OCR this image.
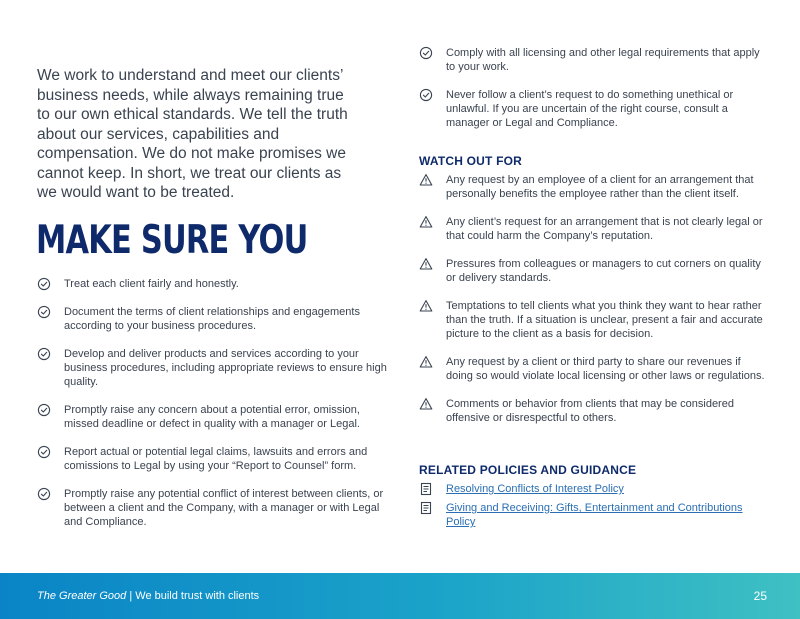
We work to understand and meet our clients’ business needs, while always remaining true to our own ethical standards. We tell the truth about our services, capabilities and compensation. We do not make promises we cannot keep. In short, we treat our clients as we would want to be treated.

MAKE SURE YOU
Treat each client fairly and honestly.
Document the terms of client relationships and engagements according to your business procedures.
Develop and deliver products and services according to your business procedures, including appropriate reviews to ensure high quality.
Promptly raise any concern about a potential error, omission, missed deadline or defect in quality with a manager or Legal.
Report actual or potential legal claims, lawsuits and errors and comissions to Legal by using your “Report to Counsel” form.
Promptly raise any potential conflict of interest between clients, or between a client and the Company, with a manager or with Legal and Compliance.
Comply with all licensing and other legal requirements that apply to your work.
Never follow a client’s request to do something unethical or unlawful. If you are uncertain of the right course, consult a manager or Legal and Compliance.
WATCH OUT FOR
Any request by an employee of a client for an arrangement that personally benefits the employee rather than the client itself.
Any client’s request for an arrangement that is not clearly legal or that could harm the Company’s reputation.
Pressures from colleagues or managers to cut corners on quality or delivery standards.
Temptations to tell clients what you think they want to hear rather than the truth. If a situation is unclear, present a fair and accurate picture to the client as a basis for decision.
Any request by a client or third party to share our revenues if doing so would violate local licensing or other laws or regulations.
Comments or behavior from clients that may be considered offensive or disrespectful to others.
RELATED POLICIES AND GUIDANCE
Resolving Conflicts of Interest Policy
Giving and Receiving: Gifts, Entertainment and Contributions Policy
The Greater Good | We build trust with clients	25
